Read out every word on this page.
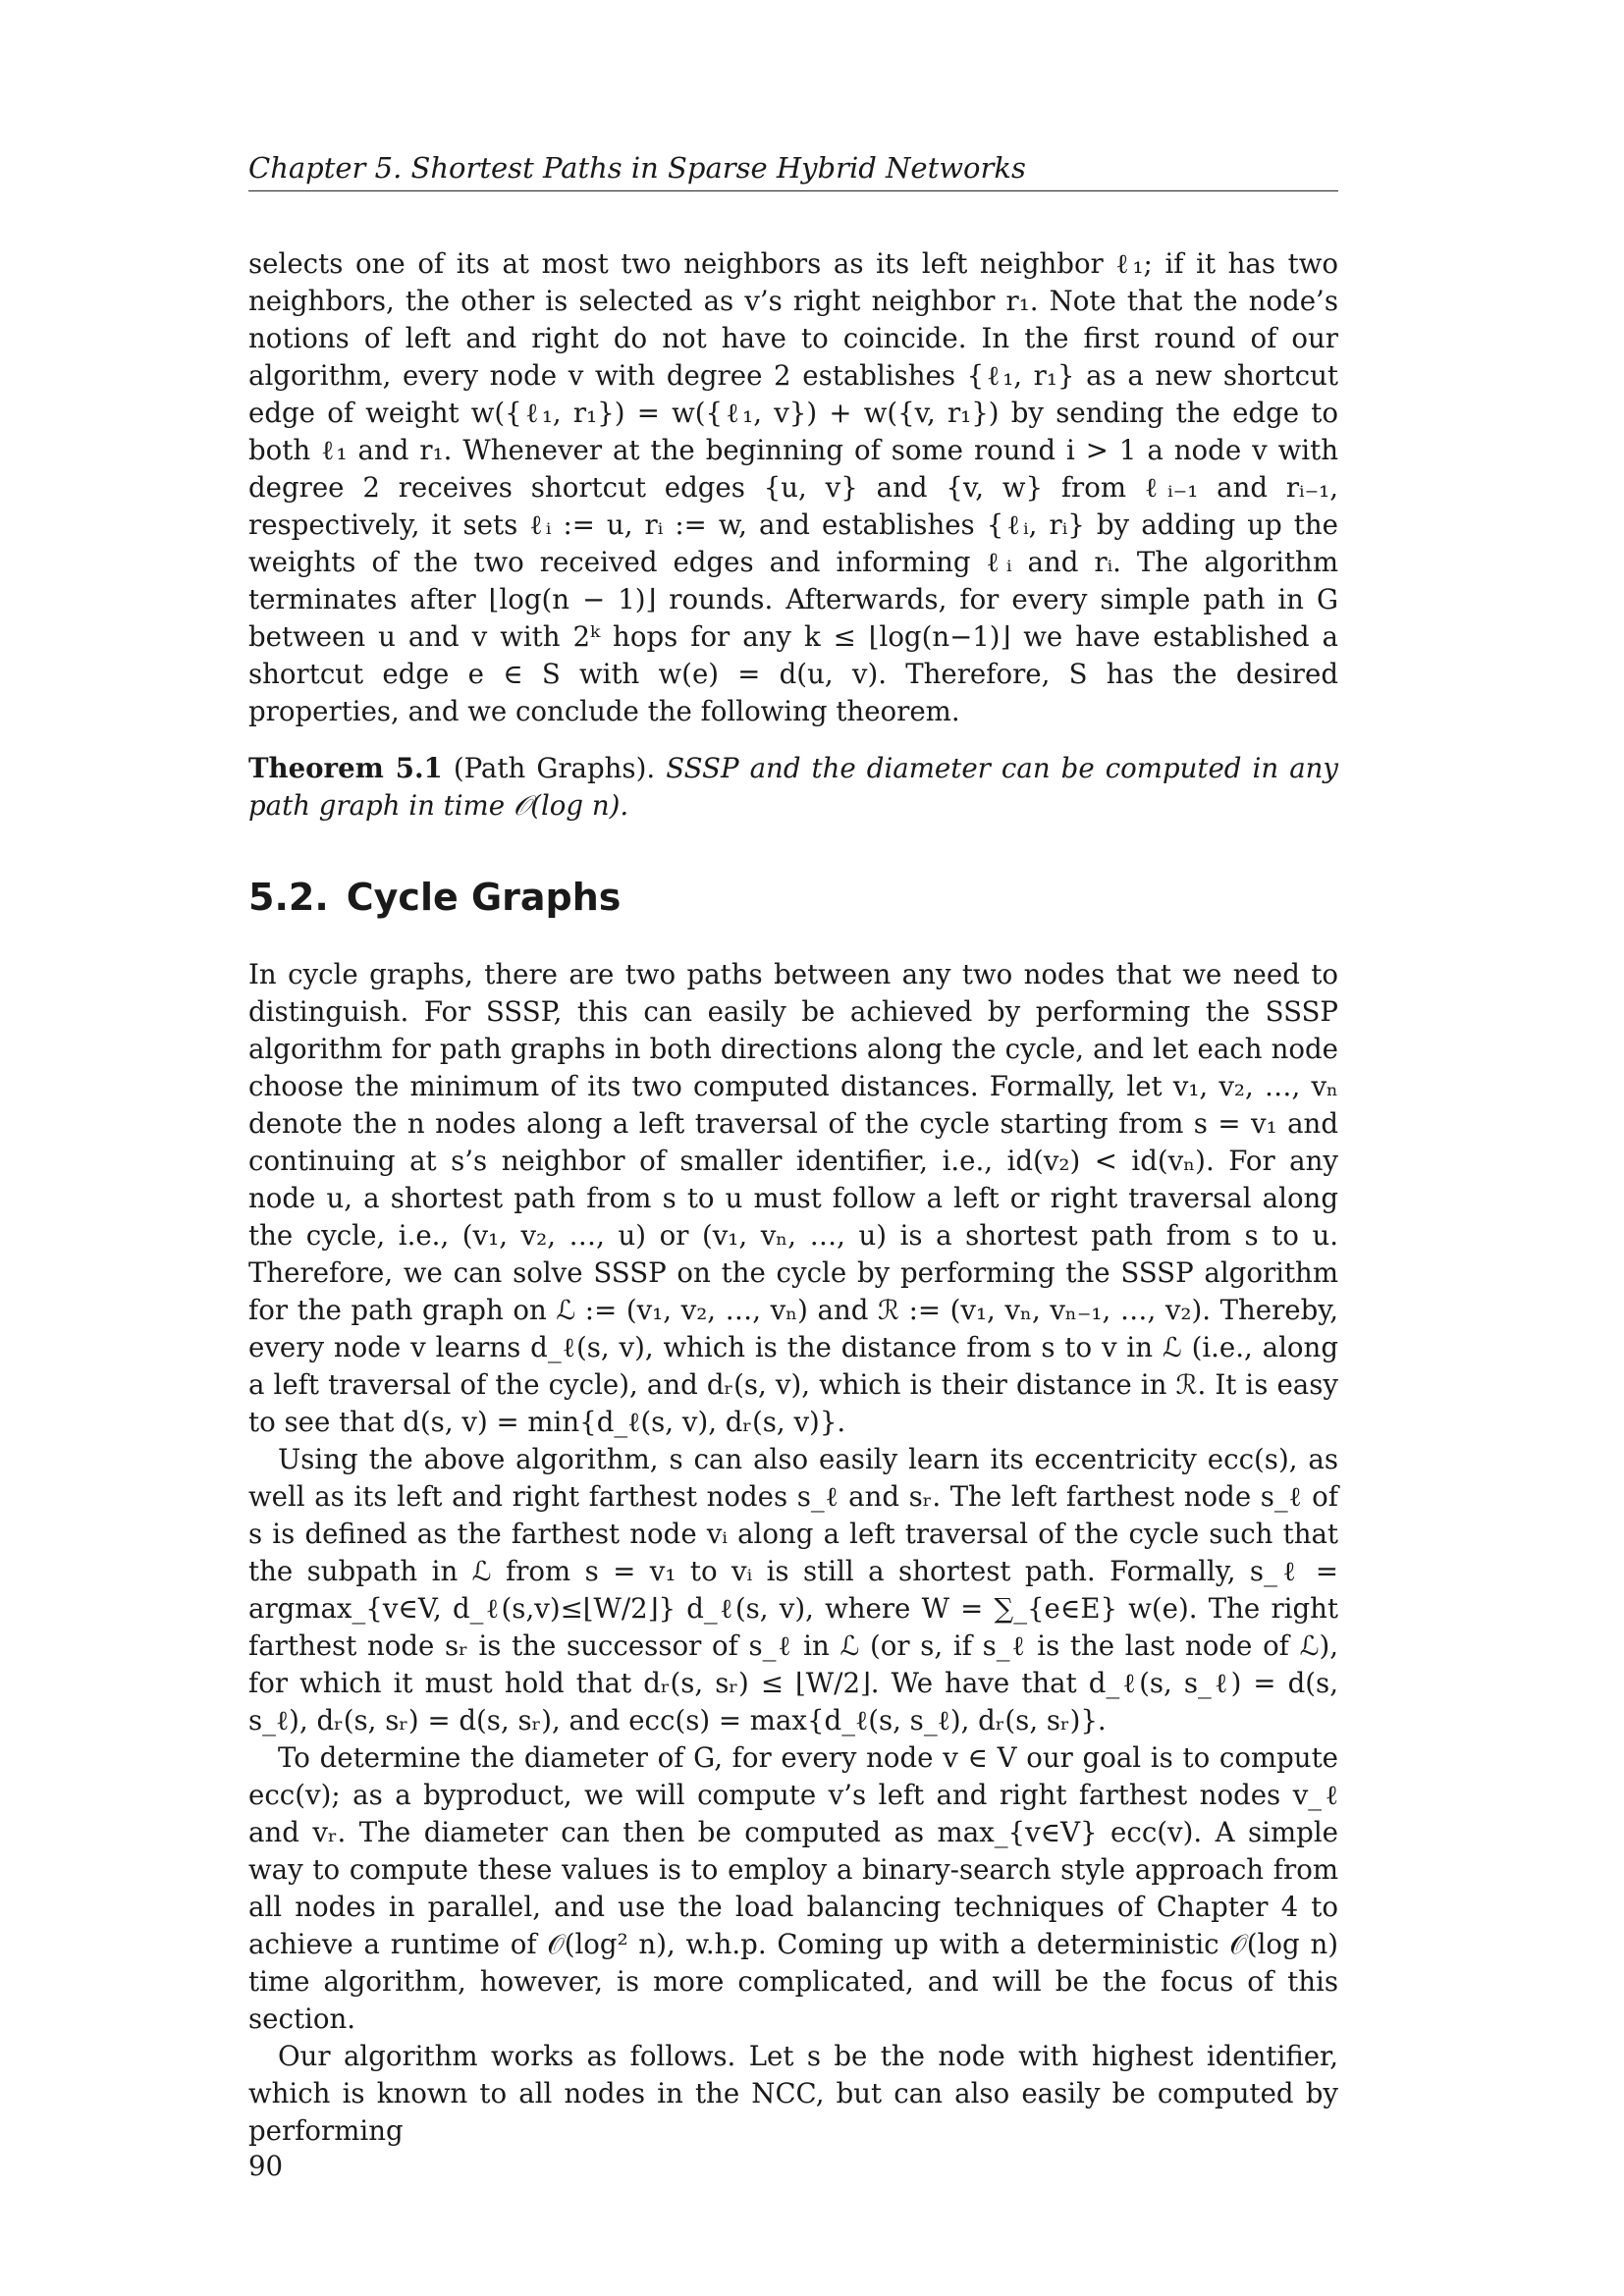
Chapter 5. Shortest Paths in Sparse Hybrid Networks

selects one of its at most two neighbors as its left neighbor ℓ₁; if it has two neighbors, the other is selected as v’s right neighbor r₁. Note that the node’s notions of left and right do not have to coincide. In the first round of our algorithm, every node v with degree 2 establishes {ℓ₁, r₁} as a new shortcut edge of weight w({ℓ₁, r₁}) = w({ℓ₁, v}) + w({v, r₁}) by sending the edge to both ℓ₁ and r₁. Whenever at the beginning of some round i > 1 a node v with degree 2 receives shortcut edges {u, v} and {v, w} from ℓᵢ₋₁ and rᵢ₋₁, respectively, it sets ℓᵢ := u, rᵢ := w, and establishes {ℓᵢ, rᵢ} by adding up the weights of the two received edges and informing ℓᵢ and rᵢ. The algorithm terminates after ⌊log(n − 1)⌋ rounds. Afterwards, for every simple path in G between u and v with 2ᵏ hops for any k ≤ ⌊log(n−1)⌋ we have established a shortcut edge e ∈ S with w(e) = d(u, v). Therefore, S has the desired properties, and we conclude the following theorem.

Theorem 5.1 (Path Graphs). SSSP and the diameter can be computed in any path graph in time 𝒪(log n).

5.2. Cycle Graphs

In cycle graphs, there are two paths between any two nodes that we need to distinguish. For SSSP, this can easily be achieved by performing the SSSP algorithm for path graphs in both directions along the cycle, and let each node choose the minimum of its two computed distances. Formally, let v₁, v₂, …, vₙ denote the n nodes along a left traversal of the cycle starting from s = v₁ and continuing at s’s neighbor of smaller identifier, i.e., id(v₂) < id(vₙ). For any node u, a shortest path from s to u must follow a left or right traversal along the cycle, i.e., (v₁, v₂, …, u) or (v₁, vₙ, …, u) is a shortest path from s to u. Therefore, we can solve SSSP on the cycle by performing the SSSP algorithm for the path graph on ℒ := (v₁, v₂, …, vₙ) and ℛ := (v₁, vₙ, vₙ₋₁, …, v₂). Thereby, every node v learns d_ℓ(s, v), which is the distance from s to v in ℒ (i.e., along a left traversal of the cycle), and dᵣ(s, v), which is their distance in ℛ. It is easy to see that d(s, v) = min{d_ℓ(s, v), dᵣ(s, v)}.

Using the above algorithm, s can also easily learn its eccentricity ecc(s), as well as its left and right farthest nodes s_ℓ and sᵣ. The left farthest node s_ℓ of s is defined as the farthest node vᵢ along a left traversal of the cycle such that the subpath in ℒ from s = v₁ to vᵢ is still a shortest path. Formally, s_ℓ = argmax_{v∈V, d_ℓ(s,v)≤⌊W/2⌋} d_ℓ(s, v), where W = ∑_{e∈E} w(e). The right farthest node sᵣ is the successor of s_ℓ in ℒ (or s, if s_ℓ is the last node of ℒ), for which it must hold that dᵣ(s, sᵣ) ≤ ⌊W/2⌋. We have that d_ℓ(s, s_ℓ) = d(s, s_ℓ), dᵣ(s, sᵣ) = d(s, sᵣ), and ecc(s) = max{d_ℓ(s, s_ℓ), dᵣ(s, sᵣ)}.

To determine the diameter of G, for every node v ∈ V our goal is to compute ecc(v); as a byproduct, we will compute v’s left and right farthest nodes v_ℓ and vᵣ. The diameter can then be computed as max_{v∈V} ecc(v). A simple way to compute these values is to employ a binary-search style approach from all nodes in parallel, and use the load balancing techniques of Chapter 4 to achieve a runtime of 𝒪(log² n), w.h.p. Coming up with a deterministic 𝒪(log n) time algorithm, however, is more complicated, and will be the focus of this section.

Our algorithm works as follows. Let s be the node with highest identifier, which is known to all nodes in the NCC, but can also easily be computed by performing

90
